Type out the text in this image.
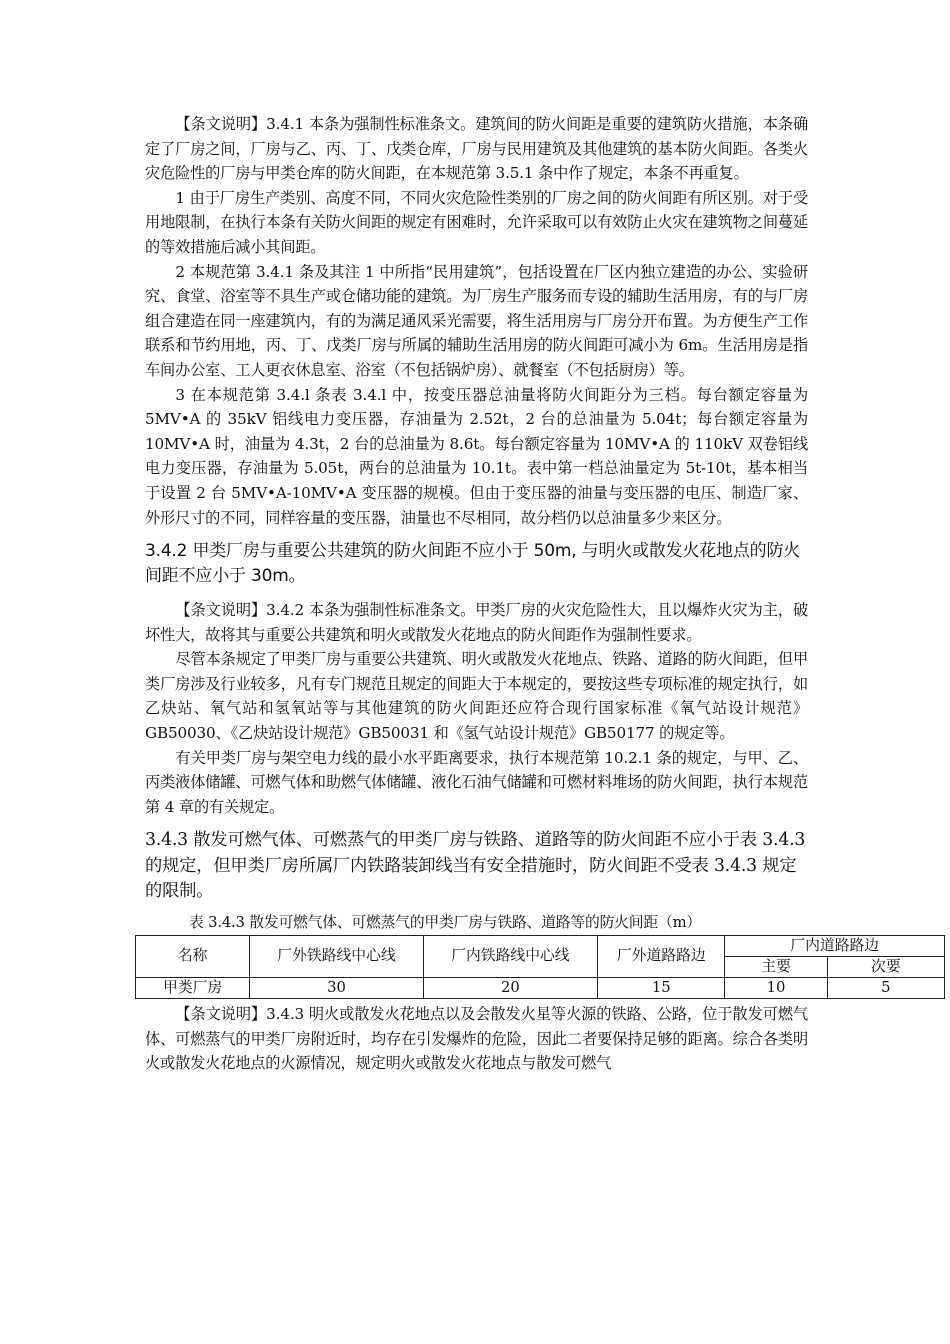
【条文说明】3.4.1 本条为强制性标准条文。建筑间的防火间距是重要的建筑防火措施，本条确定了厂房之间，厂房与乙、丙、丁、戊类仓库，厂房与民用建筑及其他建筑的基本防火间距。各类火灾危险性的厂房与甲类仓库的防火间距，在本规范第 3.5.1 条中作了规定，本条不再重复。

1 由于厂房生产类别、高度不同，不同火灾危险性类别的厂房之间的防火间距有所区别。对于受用地限制，在执行本条有关防火间距的规定有困难时，允许采取可以有效防止火灾在建筑物之间蔓延的等效措施后减小其间距。

2 本规范第 3.4.1 条及其注 1 中所指“民用建筑”，包括设置在厂区内独立建造的办公、实验研究、食堂、浴室等不具生产或仓储功能的建筑。为厂房生产服务而专设的辅助生活用房，有的与厂房组合建造在同一座建筑内，有的为满足通风采光需要，将生活用房与厂房分开布置。为方便生产工作联系和节约用地，丙、丁、戊类厂房与所属的辅助生活用房的防火间距可减小为 6m。生活用房是指车间办公室、工人更衣休息室、浴室（不包括锅炉房）、就餐室（不包括厨房）等。

3 在本规范第 3.4.l 条表 3.4.l 中，按变压器总油量将防火间距分为三档。每台额定容量为 5MV•A 的 35kV 铝线电力变压器，存油量为 2.52t，2 台的总油量为 5.04t；每台额定容量为 10MV•A 时，油量为 4.3t，2 台的总油量为 8.6t。每台额定容量为 10MV•A 的 110kV 双卷铝线电力变压器，存油量为 5.05t，两台的总油量为 10.1t。表中第一档总油量定为 5t-10t，基本相当于设置 2 台 5MV•A-10MV•A 变压器的规模。但由于变压器的油量与变压器的电压、制造厂家、外形尺寸的不同，同样容量的变压器，油量也不尽相同，故分档仍以总油量多少来区分。

3.4.2 甲类厂房与重要公共建筑的防火间距不应小于 50m, 与明火或散发火花地点的防火间距不应小于 30m。

【条文说明】3.4.2 本条为强制性标准条文。甲类厂房的火灾危险性大，且以爆炸火灾为主，破坏性大，故将其与重要公共建筑和明火或散发火花地点的防火间距作为强制性要求。

尽管本条规定了甲类厂房与重要公共建筑、明火或散发火花地点、铁路、道路的防火间距，但甲类厂房涉及行业较多，凡有专门规范且规定的间距大于本规定的，要按这些专项标准的规定执行，如乙炔站、氧气站和氢氧站等与其他建筑的防火间距还应符合现行国家标准《氧气站设计规范》GB50030、《乙炔站设计规范》GB50031 和《氢气站设计规范》GB50177 的规定等。

有关甲类厂房与架空电力线的最小水平距离要求，执行本规范第 10.2.1 条的规定，与甲、乙、丙类液体储罐、可燃气体和助燃气体储罐、液化石油气储罐和可燃材料堆场的防火间距，执行本规范第 4 章的有关规定。

3.4.3 散发可燃气体、可燃蒸气的甲类厂房与铁路、道路等的防火间距不应小于表 3.4.3 的规定，但甲类厂房所属厂内铁路装卸线当有安全措施时，防火间距不受表 3.4.3 规定的限制。

表 3.4.3 散发可燃气体、可燃蒸气的甲类厂房与铁路、道路等的防火间距（m）

名称	厂外铁路线中心线	厂内铁路线中心线	厂外道路路边	厂内道路路边	
				主要	次要
甲类厂房	30	20	15	10	5

【条文说明】3.4.3 明火或散发火花地点以及会散发火星等火源的铁路、公路，位于散发可燃气体、可燃蒸气的甲类厂房附近时，均存在引发爆炸的危险，因此二者要保持足够的距离。综合各类明火或散发火花地点的火源情况，规定明火或散发火花地点与散发可燃气
